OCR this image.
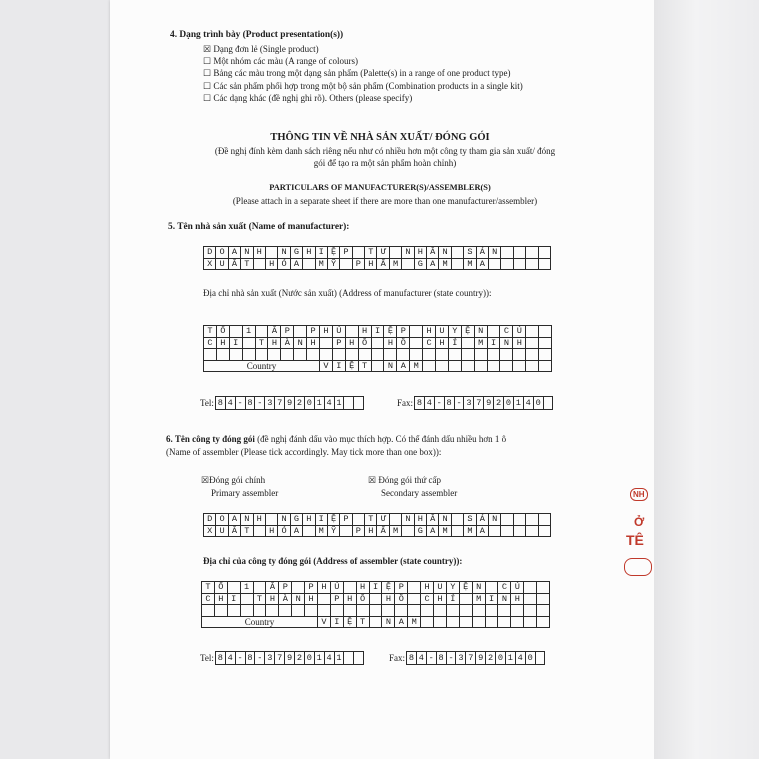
4. Dạng trình bày (Product presentation(s))
☒ Dạng đơn lẻ (Single product)
☐ Một nhóm các màu (A range of colours)
☐ Bảng các màu trong một dạng sản phẩm (Palette(s) in a range of one product type)
☐ Các sản phẩm phối hợp trong một bộ sản phẩm (Combination products in a single kit)
☐ Các dạng khác (đề nghị ghi rõ). Others (please specify)
THÔNG TIN VỀ NHÀ SẢN XUẤT/ ĐÓNG GÓI
(Đề nghị đính kèm danh sách riêng nếu như có nhiều hơn một công ty tham gia sản xuất/ đóng
gói để tạo ra một sản phẩm hoàn chỉnh)
PARTICULARS OF MANUFACTURER(S)/ASSEMBLER(S)
(Please attach in a separate sheet if there are more than one manufacturer/assembler)
5. Tên nhà sản xuất (Name of manufacturer):
D	O	A	N	H		N	G	H	I	Ệ	P		T	Ư		N	H	Â	N		S	Ả	N				
X	U	Ấ	T		H	Ó	A		M	Ỹ		P	H	Ẩ	M		G	A	M		M	A					
Địa chỉ nhà sản xuất (Nước sản xuất) (Address of manufacturer (state country)):
T	Ổ		1		Ấ	P		P	H	Ú		H	I	Ệ	P		H	U	Y	Ệ	N		C	Ủ		
C	H	I		T	H	À	N	H		P	H	Ố		H	Ồ		C	H	Í		M	I	N	H		

Country									V	I	Ệ	T		N	A	M										
Tel: 8 4 - 8 - 3 7 9 2 0 1 4 1	Fax: 8 4 - 8 - 3 7 9 2 0 1 4 0
6. Tên công ty đóng gói (đề nghị đánh dấu vào mục thích hợp. Có thể đánh dấu nhiều hơn 1 ô
(Name of assembler (Please tick accordingly. May tick more than one box)):
☒Đóng gói chính
Primary assembler
☒ Đóng gói thứ cấp
Secondary assembler
D	O	A	N	H		N	G	H	I	Ệ	P		T	Ư		N	H	Â	N		S	Ả	N				
X	U	Ấ	T		H	Ó	A		M	Ỹ		P	H	Ẩ	M		G	A	M		M	A					
Địa chỉ của công ty đóng gói (Address of assembler (state country)):
T	Ổ		1		Ấ	P		P	H	Ú		H	I	Ệ	P		H	U	Y	Ệ	N		C	Ủ		
C	H	I		T	H	À	N	H		P	H	Ố		H	Ồ		C	H	Í		M	I	N	H		

Country									V	I	Ệ	T		N	A	M										
Tel: 8 4 - 8 - 3 7 9 2 0 1 4 1	Fax: 8 4 - 8 - 3 7 9 2 0 1 4 0
NH
Ở
TÊ
